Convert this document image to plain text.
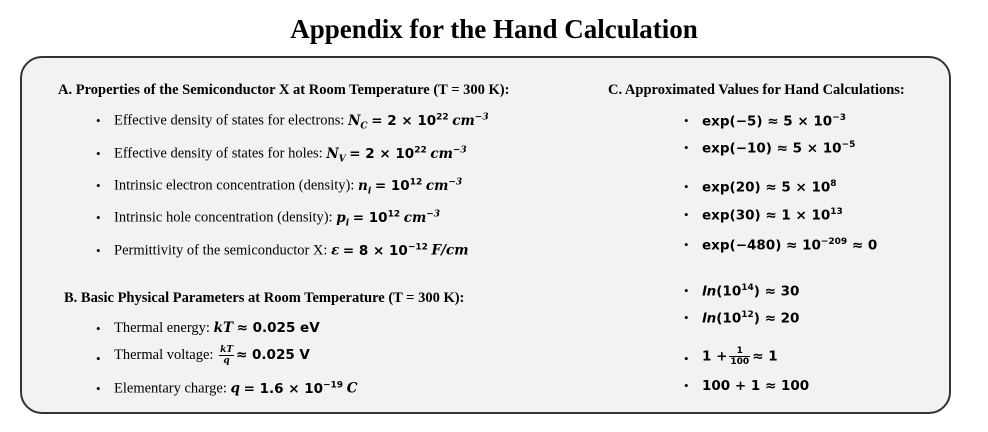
Appendix for the Hand Calculation
A. Properties of the Semiconductor X at Room Temperature (T = 300 K):
• Effective density of states for electrons: $N_C = 2 \times 10^{22}$ $cm^{-3}$
• Effective density of states for holes: $N_V = 2 \times 10^{22}$ $cm^{-3}$
• Intrinsic electron concentration (density): $n_i = 10^{12}$ $cm^{-3}$
• Intrinsic hole concentration (density): $p_i = 10^{12}$ $cm^{-3}$
• Permittivity of the semiconductor X: $\varepsilon = 8 \times 10^{-12}$ F/cm
B. Basic Physical Parameters at Room Temperature (T = 300 K):
• Thermal energy: kT ≈ 0.025 eV
• Thermal voltage: $\frac{kT}{q} \approx 0.025$ V
• Elementary charge: $q = 1.6 \times 10^{-19}$ C
C. Approximated Values for Hand Calculations:
• $\exp(-5) \approx 5 \times 10^{-3}$
• $\exp(-10) \approx 5 \times 10^{-5}$
• $\exp(20) \approx 5 \times 10^8$
• $\exp(30) \approx 1 \times 10^{13}$
• $\exp(-480) \approx 10^{-209} \approx 0$
• $\ln(10^{14}) \approx 30$
• $\ln(10^{12}) \approx 20$
• $1 + \frac{1}{100} \approx 1$
• 100 + 1 ≈ 100
